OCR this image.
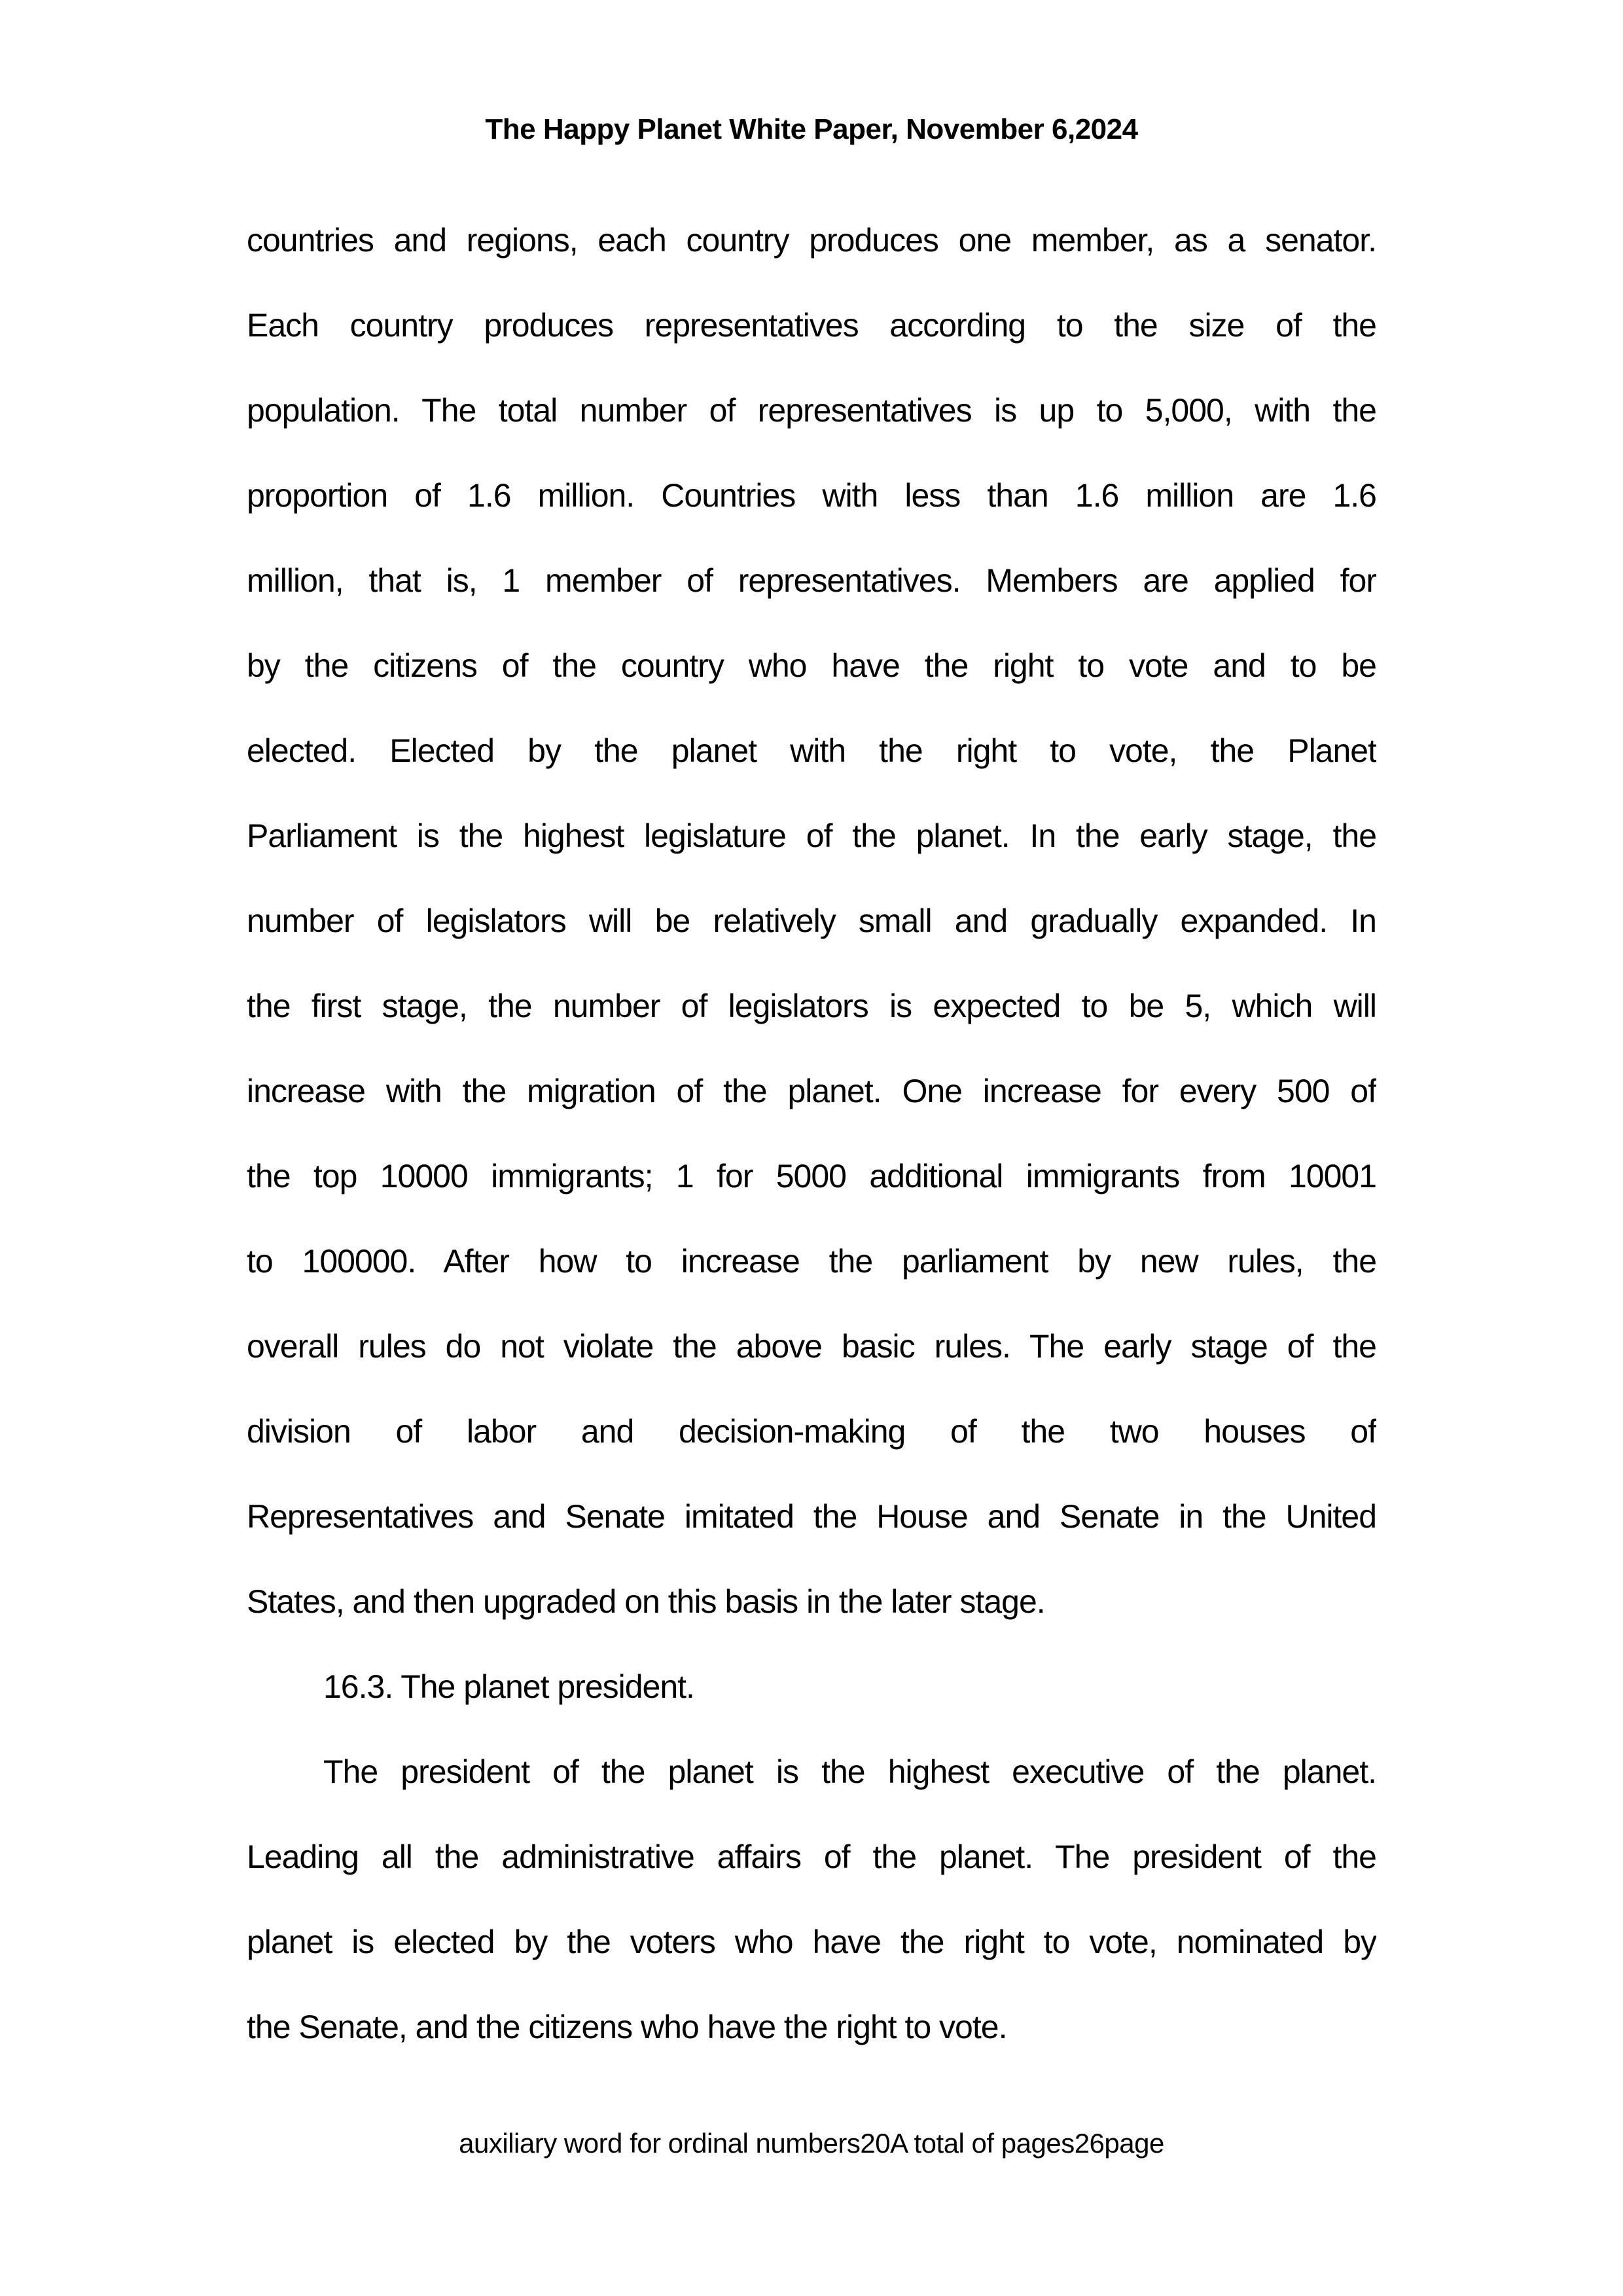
The Happy Planet White Paper, November 6,2024
countries and regions, each country produces one member, as a senator.
Each country produces representatives according to the size of the
population. The total number of representatives is up to 5,000, with the
proportion of 1.6 million. Countries with less than 1.6 million are 1.6
million, that is, 1 member of representatives. Members are applied for
by the citizens of the country who have the right to vote and to be
elected. Elected by the planet with the right to vote, the Planet
Parliament is the highest legislature of the planet. In the early stage, the
number of legislators will be relatively small and gradually expanded. In
the first stage, the number of legislators is expected to be 5, which will
increase with the migration of the planet. One increase for every 500 of
the top 10000 immigrants; 1 for 5000 additional immigrants from 10001
to 100000. After how to increase the parliament by new rules, the
overall rules do not violate the above basic rules. The early stage of the
division of labor and decision-making of the two houses of
Representatives and Senate imitated the House and Senate in the United
States, and then upgraded on this basis in the later stage.
16.3. The planet president.
The president of the planet is the highest executive of the planet.
Leading all the administrative affairs of the planet. The president of the
planet is elected by the voters who have the right to vote, nominated by
the Senate, and the citizens who have the right to vote.
auxiliary word for ordinal numbers20A total of pages26page
